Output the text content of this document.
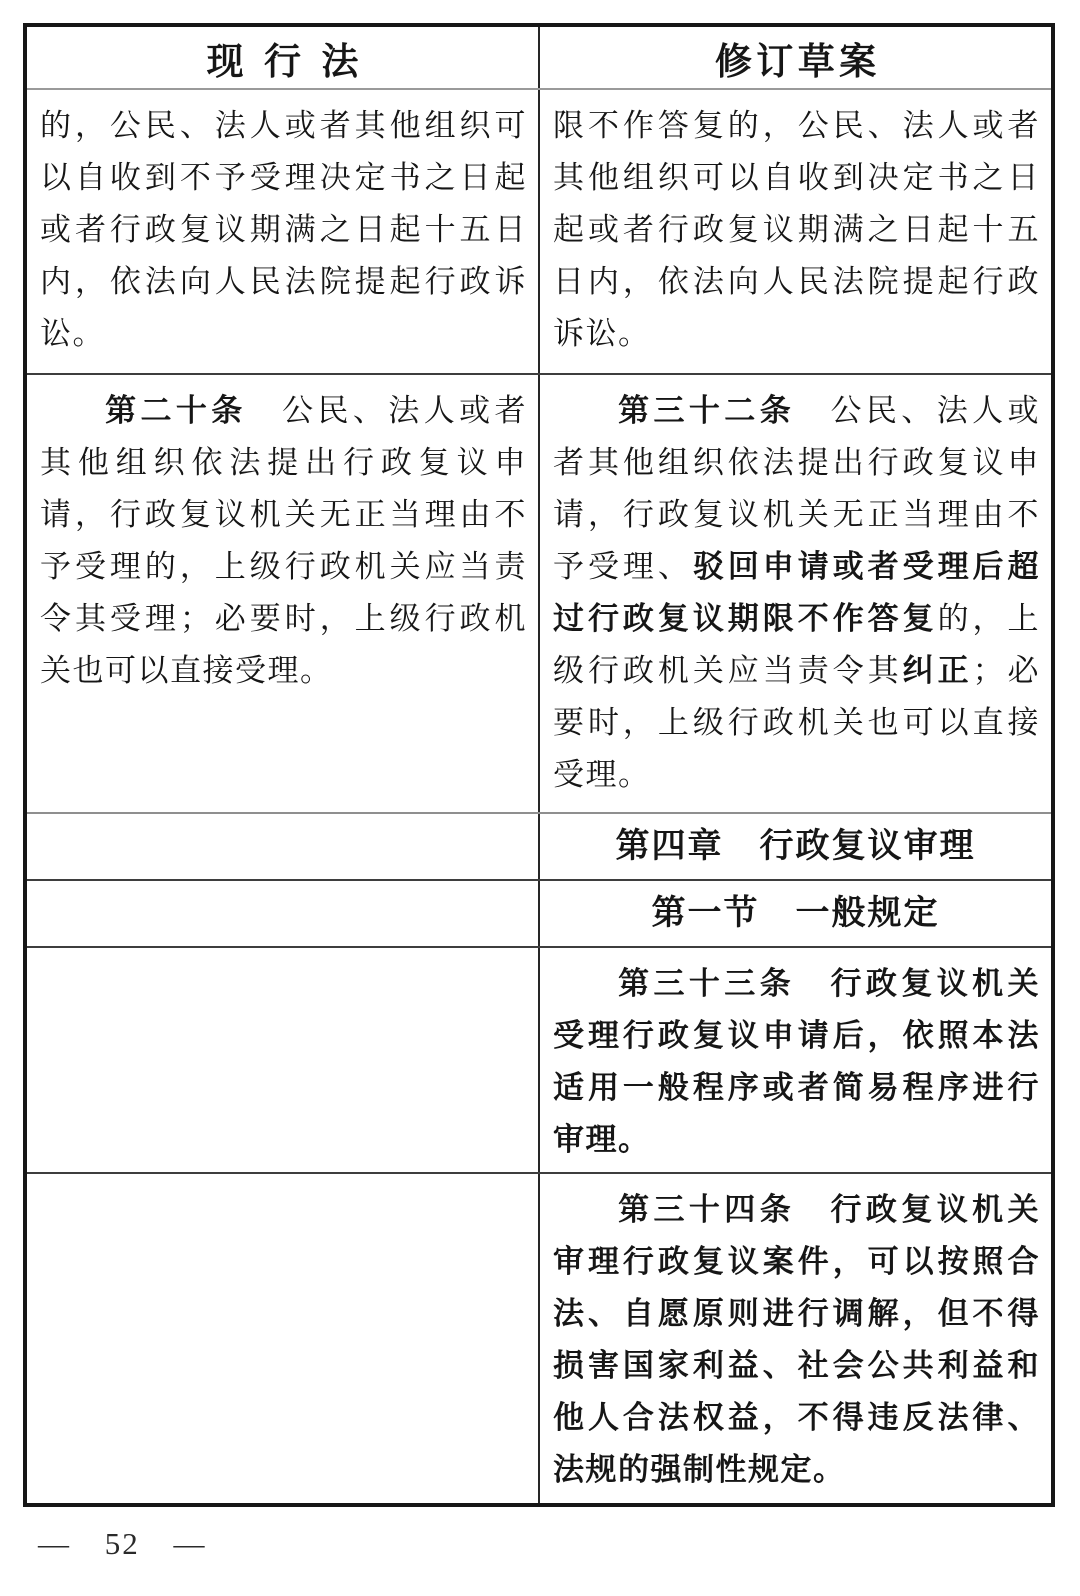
现行法	修订草案

的，公民、法人或者其他组织可以自收到不予受理决定书之日起或者行政复议期满之日起十五日内，依法向人民法院提起行政诉讼。

限不作答复的，公民、法人或者其他组织可以自收到决定书之日起或者行政复议期满之日起十五日内，依法向人民法院提起行政诉讼。

第二十条　公民、法人或者其他组织依法提出行政复议申请，行政复议机关无正当理由不予受理的，上级行政机关应当责令其受理；必要时，上级行政机关也可以直接受理。

第三十二条　公民、法人或者其他组织依法提出行政复议申请，行政复议机关无正当理由不予受理、驳回申请或者受理后超过行政复议期限不作答复的，上级行政机关应当责令其纠正；必要时，上级行政机关也可以直接受理。

第四章　行政复议审理

第一节　一般规定

第三十三条　行政复议机关受理行政复议申请后，依照本法适用一般程序或者简易程序进行审理。

第三十四条　行政复议机关审理行政复议案件，可以按照合法、自愿原则进行调解，但不得损害国家利益、社会公共利益和他人合法权益，不得违反法律、法规的强制性规定。

— 52 —
